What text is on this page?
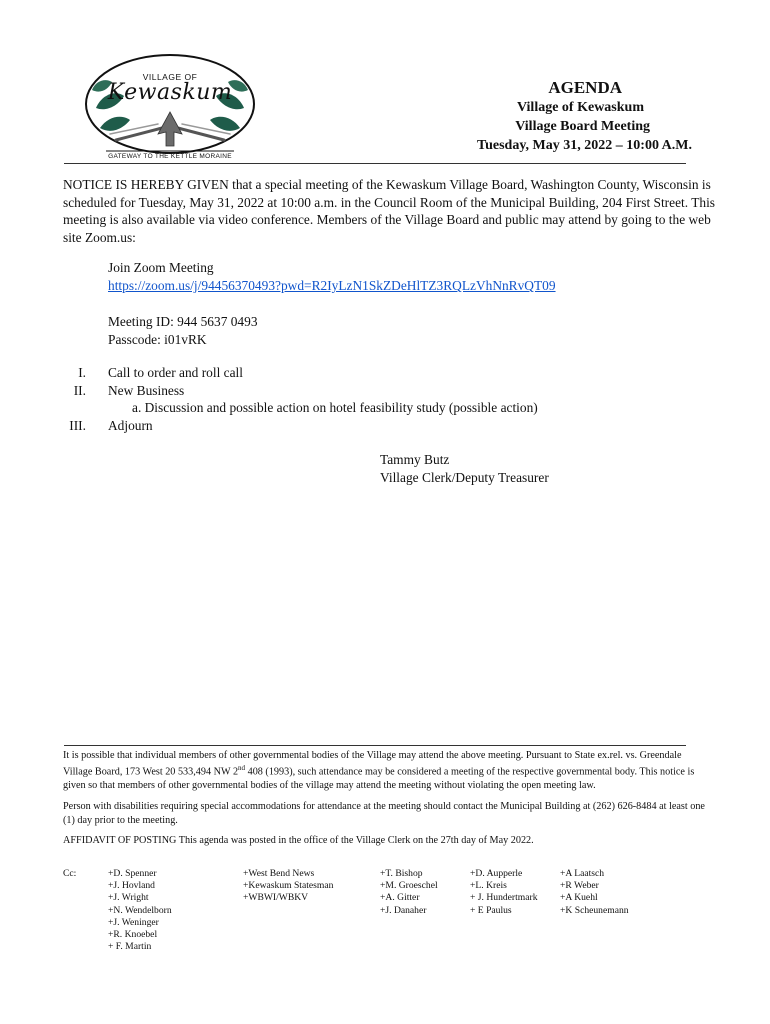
VILLAGE OF
Kewaskum
GATEWAY TO THE KETTLE MORAINE
AGENDA
Village of Kewaskum
Village Board Meeting
Tuesday, May 31, 2022 – 10:00 A.M.
NOTICE IS HEREBY GIVEN that a special meeting of the Kewaskum Village Board, Washington County, Wisconsin is scheduled for Tuesday, May 31, 2022 at 10:00 a.m. in the Council Room of the Municipal Building, 204 First Street. This meeting is also available via video conference. Members of the Village Board and public may attend by going to the web site Zoom.us:
Join Zoom Meeting
https://zoom.us/j/94456370493?pwd=R2IyLzN1SkZDeHlTZ3RQLzVhNnRvQT09
Meeting ID: 944 5637 0493
Passcode: i01vRK
I. Call to order and roll call
II. New Business
a. Discussion and possible action on hotel feasibility study (possible action)
III. Adjourn
Tammy Butz
Village Clerk/Deputy Treasurer

It is possible that individual members of other governmental bodies of the Village may attend the above meeting. Pursuant to State ex.rel. vs. Greendale Village Board, 173 West 20 533,494 NW 2nd 408 (1993), such attendance may be considered a meeting of the respective governmental body. This notice is given so that members of other governmental bodies of the village may attend the meeting without violating the open meeting law.

Person with disabilities requiring special accommodations for attendance at the meeting should contact the Municipal Building at (262) 626-8484 at least one (1) day prior to the meeting.

AFFIDAVIT OF POSTING This agenda was posted in the office of the Village Clerk on the 27th day of May 2022.

Cc:	+D. Spenner
+J. Hovland
+J. Wright
+N. Wendelborn
+J. Weninger
+R. Knoebel
+ F. Martin
+West Bend News
+Kewaskum Statesman
+WBWI/WBKV
+T. Bishop
+M. Groeschel
+A. Gitter
+J. Danaher
+D. Aupperle
+L. Kreis
+ J. Hundertmark
+ E Paulus
+A Laatsch
+R Weber
+A Kuehl
+K Scheunemann
